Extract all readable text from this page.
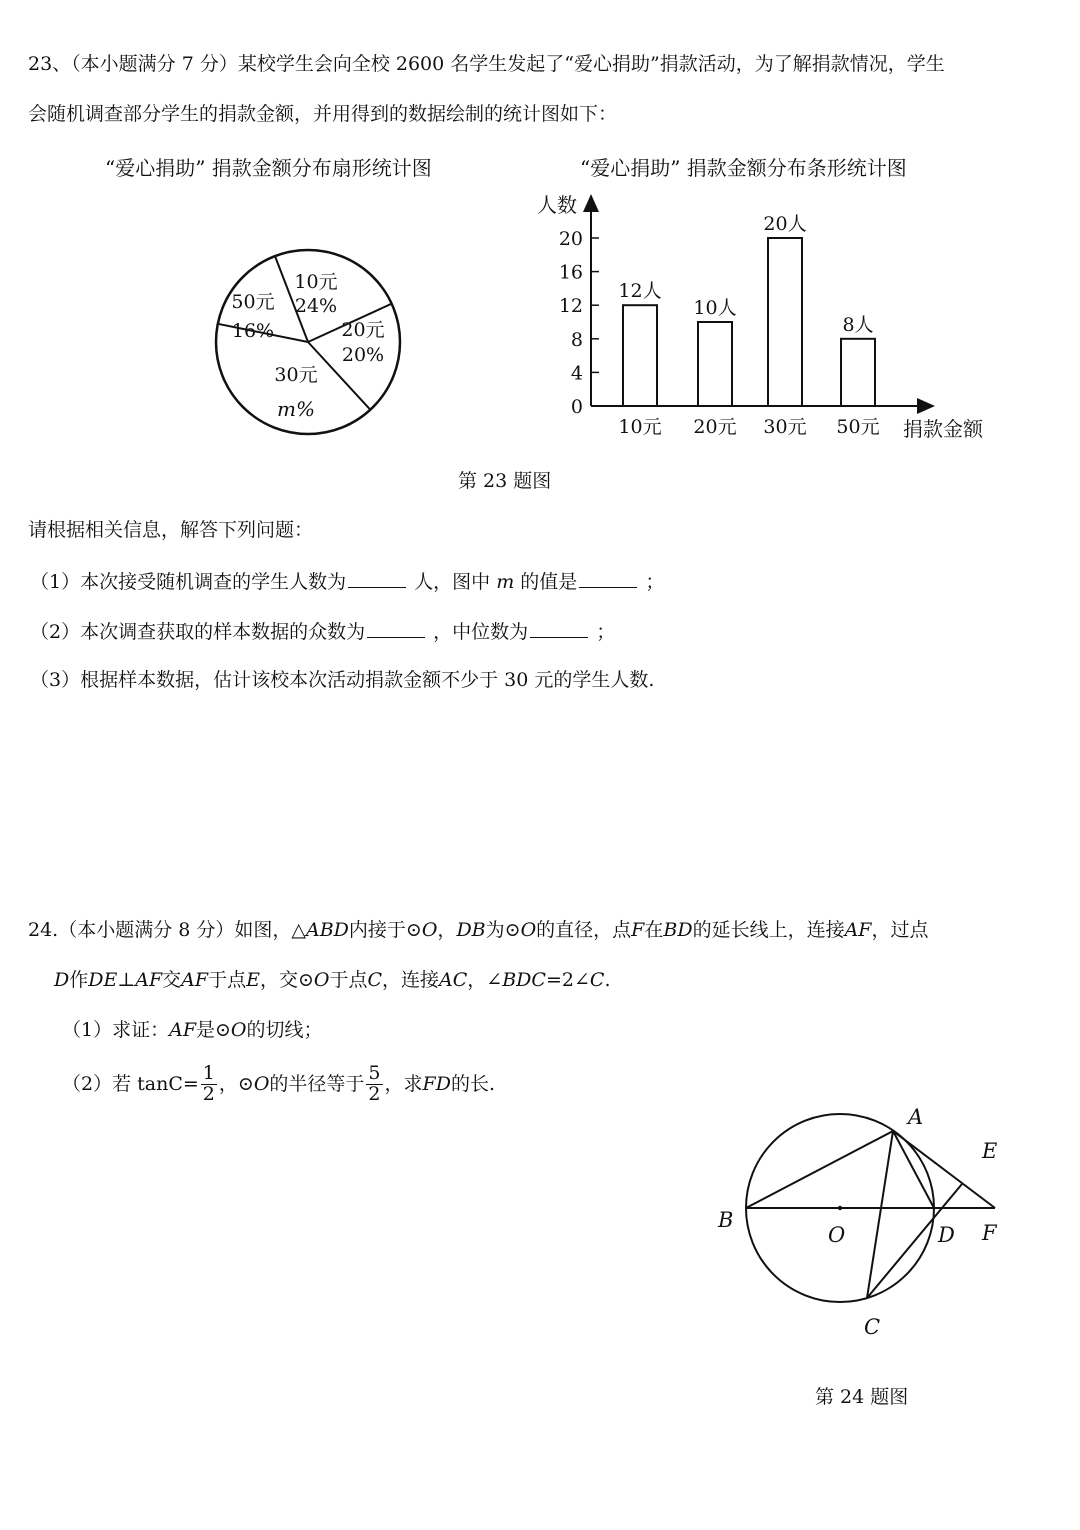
23、（本小题满分 7 分）某校学生会向全校 2600 名学生发起了“爱心捐助”捐款活动，为了解捐款情况，学生
会随机调查部分学生的捐款金额，并用得到的数据绘制的统计图如下：
“爱心捐助” 捐款金额分布扇形统计图	“爱心捐助” 捐款金额分布条形统计图
10元
24%
20元
20%
30元
m%
50元
16%
人数
捐款金额
0
4
8
12
16
20
12人
10人
20人
8人
10元 20元 30元 50元
第 23 题图
请根据相关信息，解答下列问题：
（1）本次接受随机调查的学生人数为	人，图中 m 的值是	；
（2）本次调查获取的样本数据的众数为	，中位数为	；
（3）根据样本数据，估计该校本次活动捐款金额不少于 30 元的学生人数.
24.（本小题满分 8 分）如图，△ABD内接于⊙O，DB为⊙O的直径，点F在BD的延长线上，连接AF，过点
D作DE⊥AF交AF于点E，交⊙O于点C，连接AC，∠BDC=2∠C.
（1）求证：AF是⊙O的切线；
（2）若 $\tan C= \frac{1}{2}$ ，⊙O的半径等于 $\frac{5}{2}$ ，求FD的长.
A
B
O	D F
E
C
第 24 题图
